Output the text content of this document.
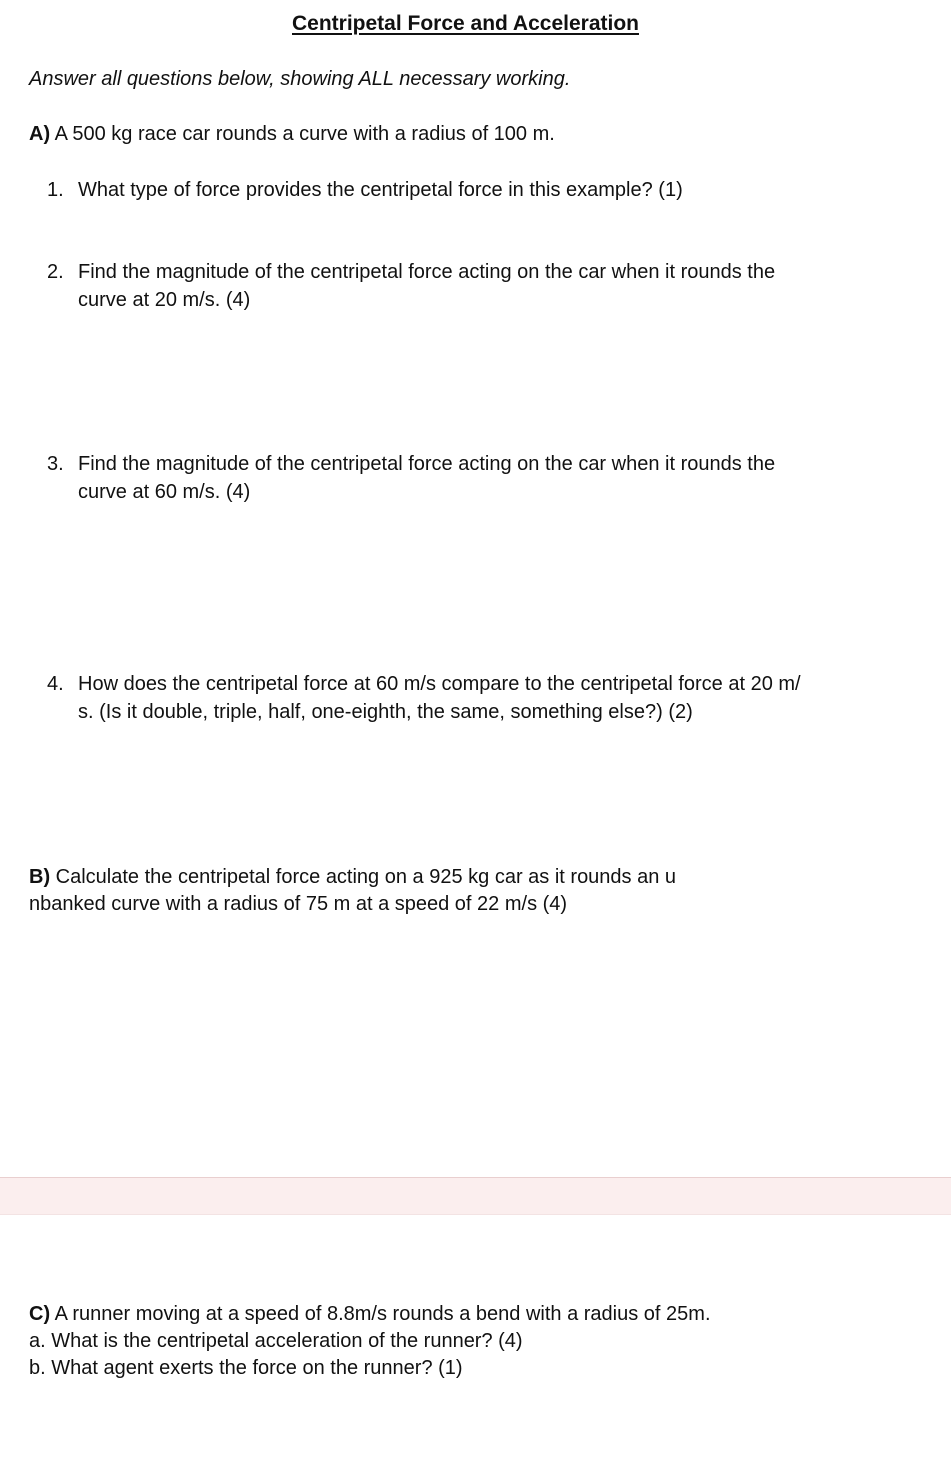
Centripetal Force and Acceleration
Answer all questions below, showing ALL necessary working.
A) A 500 kg race car rounds a curve with a radius of 100 m.
1. What type of force provides the centripetal force in this example? (1)
2. Find the magnitude of the centripetal force acting on the car when it rounds the
curve at 20 m/s. (4)
3. Find the magnitude of the centripetal force acting on the car when it rounds the
curve at 60 m/s. (4)
4. How does the centripetal force at 60 m/s compare to the centripetal force at 20 m/
s. (Is it double, triple, half, one-eighth, the same, something else?) (2)
B) Calculate the centripetal force acting on a 925 kg car as it rounds an u
nbanked curve with a radius of 75 m at a speed of 22 m/s (4)
C) A runner moving at a speed of 8.8m/s rounds a bend with a radius of 25m.
a. What is the centripetal acceleration of the runner? (4)
b. What agent exerts the force on the runner? (1)
